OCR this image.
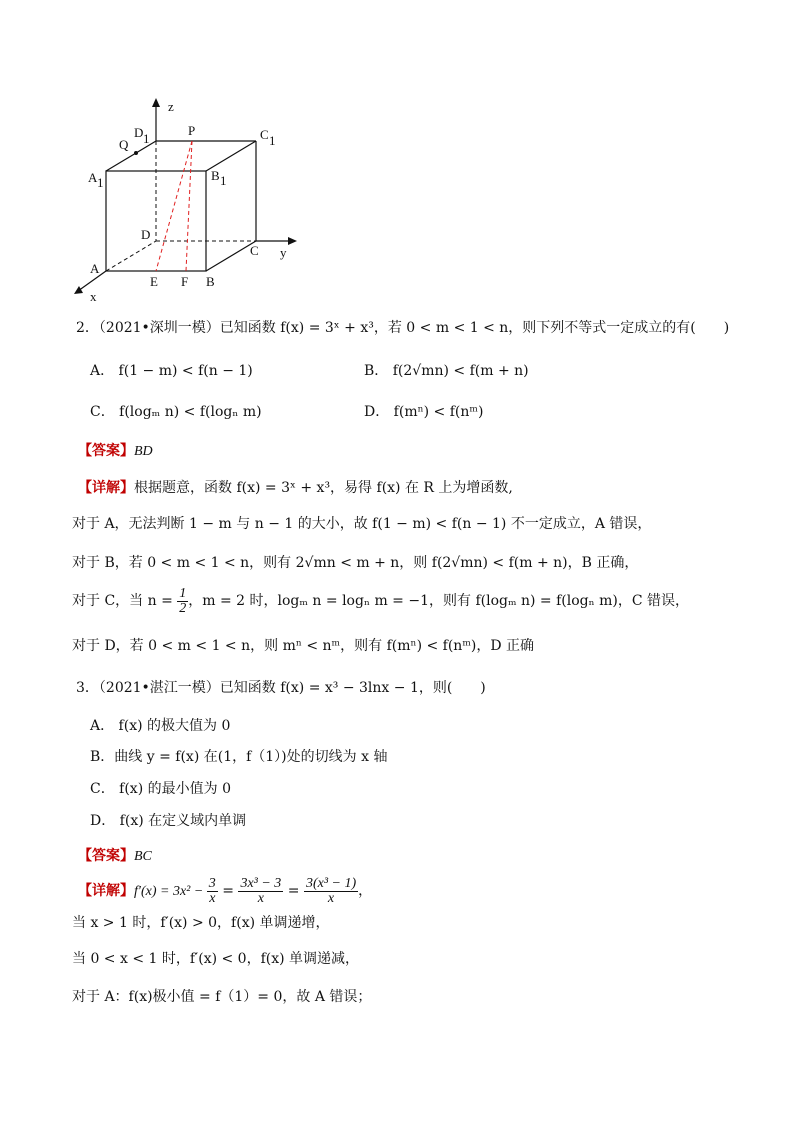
z
P	C 1
D 1
Q
A 1	B 1
D
C y
A
E F B
x
2．（2021•深圳一模）已知函数 f(x) = 3ˣ + x³，若 0 < m < 1 < n，则下列不等式一定成立的有(　　)
A． f(1 − m) < f(n − 1)	B． f(2√mn) < f(m + n)
C． f(logₘ n) < f(logₙ m)	D． f(mⁿ) < f(nᵐ)
【答案】BD
【详解】根据题意，函数 f(x) = 3ˣ + x³，易得 f(x) 在 R 上为增函数,
对于 A，无法判断 1 − m 与 n − 1 的大小，故 f(1 − m) < f(n − 1) 不一定成立，A 错误，
对于 B，若 0 < m < 1 < n，则有 2√mn < m + n，则 f(2√mn) < f(m + n)，B 正确，
对于 C，当 $n = \frac{1}{2}$ ，m = 2 时，logₘ n = logₙ m = −1，则有 f(logₘ n) = f(logₙ m)，C 错误，
对于 D，若 0 < m < 1 < n，则 mⁿ < nᵐ，则有 f(mⁿ) < f(nᵐ)，D 正确
3．（2021•湛江一模）已知函数 f(x) = x³ − 3lnx − 1，则(　　)
A． f(x) 的极大值为 0
B．曲线 y = f(x) 在(1，f（1）)处的切线为 x 轴
C． f(x) 的最小值为 0
D． f(x) 在定义域内单调
【答案】BC
【详解】$f'(x) = 3x^2 - \frac{3}{x} = \frac{\text{3x³ − 3}}{x} = \frac{\text{3(x³ − 1)}}{x}$ ，
当 x > 1 时，f′(x) > 0，f(x) 单调递增，
当 0 < x < 1 时，f′(x) < 0，f(x) 单调递减，
对于 A：f(x)极小值 = f（1）= 0，故 A 错误；
